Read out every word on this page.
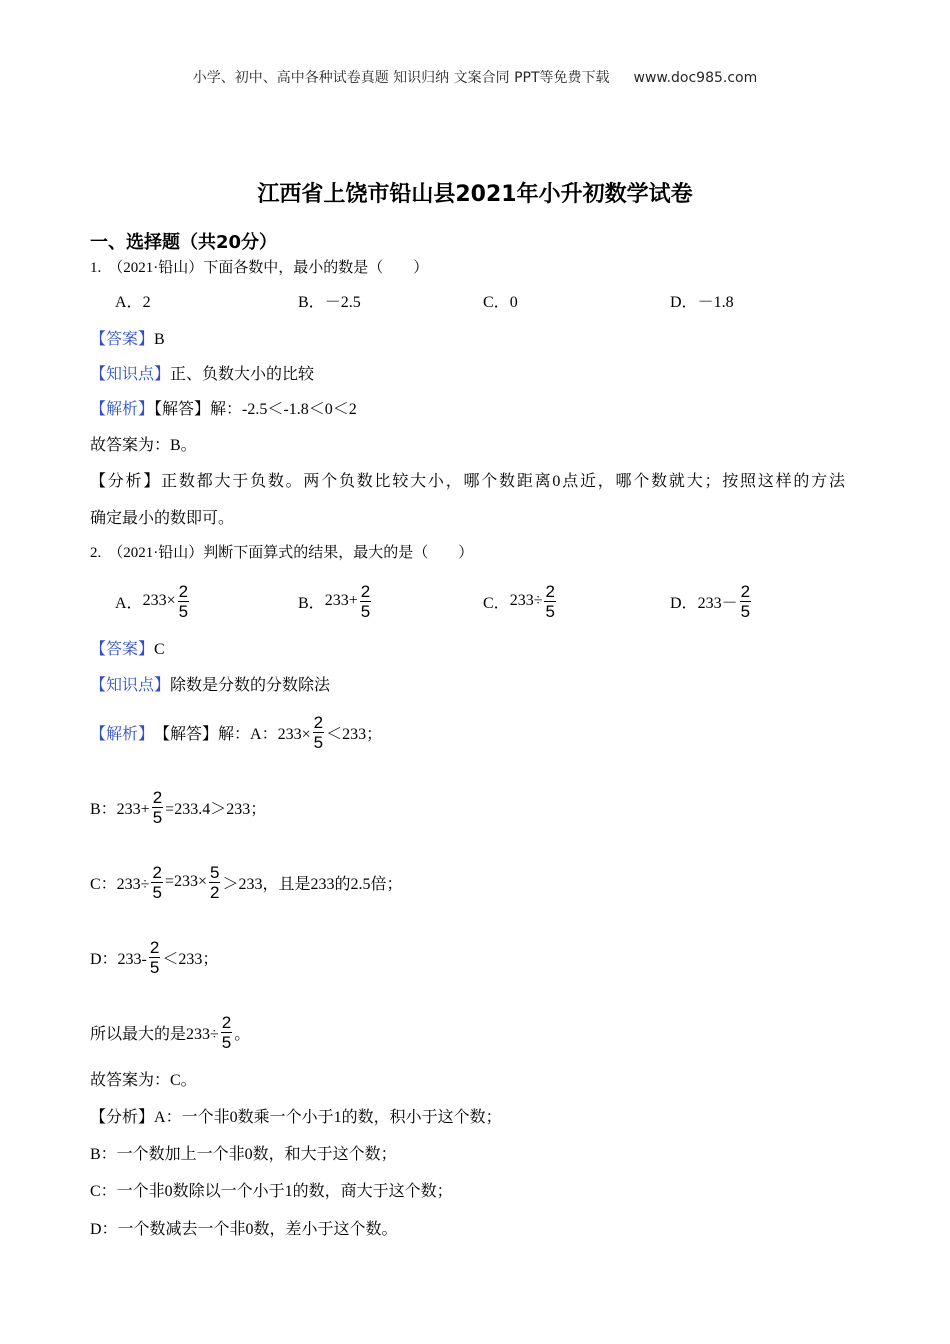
小学、初中、高中各种试卷真题 知识归纳 文案合同 PPT等免费下载 www.doc985.com
江西省上饶市铅山县2021年小升初数学试卷
一、选择题（共20分）
1. （2021·铅山）下面各数中，最小的数是（　　）
A．2	B．－2.5	C．0	D．－1.8
【答案】B
【知识点】正、负数大小的比较
【解析】【解答】解：-2.5＜-1.8＜0＜2
故答案为：B。
【分析】正数都大于负数。两个负数比较大小，哪个数距离0点近，哪个数就大；按照这样的方法
确定最小的数即可。
2. （2021·铅山）判断下面算式的结果，最大的是（　　）
A． $233\times \frac{2}{5}$	B． $233+ \frac{2}{5}$	C． $233\div \frac{2}{5}$	D． $233- \frac{2}{5}$
【答案】C
【知识点】除数是分数的分数除法
【解析】 【解答】 解：A：$233\times \frac{2}{5} <233$；
B：$233+ \frac{2}{5} =233.4>233$；
C：$233\div \frac{2}{5} =233\times \frac{5}{2} >233$，且是233的2.5倍；
D：$233- \frac{2}{5} <233$；
所以最大的是$233\div \frac{2}{5}$ 。
故答案为：C。
【分析】A：一个非0数乘一个小于1的数，积小于这个数；
B：一个数加上一个非0数，和大于这个数；
C：一个非0数除以一个小于1的数，商大于这个数；
D：一个数减去一个非0数，差小于这个数。
